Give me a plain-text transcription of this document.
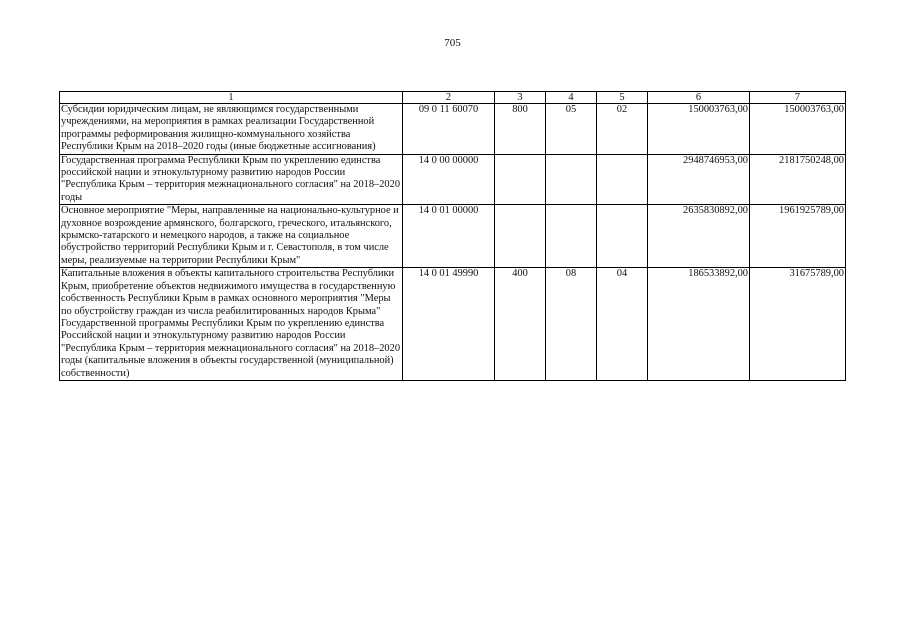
705
1	2	3	4	5	6	7
Субсидии юридическим лицам, не являющимся государственными учреждениями, на мероприятия в рамках реализации Государственной программы реформирования жилищно-коммунального хозяйства Республики Крым на 2018–2020 годы (иные бюджетные ассигнования)	09 0 11 60070	800	05	02	150003763,00	150003763,00
Государственная программа Республики Крым по укреплению единства российской нации и этнокультурному развитию народов России "Республика Крым – территория межнационального согласия" на 2018–2020 годы	14 0 00 00000				2948746953,00	2181750248,00
Основное мероприятие "Меры, направленные на национально-культурное и духовное возрождение армянского, болгарского, греческого, итальянского, крымско-татарского и немецкого народов, а также на социальное обустройство территорий Республики Крым и г. Севастополя, в том числе меры, реализуемые на территории Республики Крым"	14 0 01 00000				2635830892,00	1961925789,00
Капитальные вложения в объекты капитального строительства Республики Крым, приобретение объектов недвижимого имущества в государственную собственность Республики Крым в рамках основного мероприятия "Меры по обустройству граждан из числа реабилитированных народов Крыма" Государственной программы Республики Крым по укреплению единства Российской нации и этнокультурному развитию народов России "Республика Крым – территория межнационального согласия" на 2018–2020 годы (капитальные вложения в объекты государственной (муниципальной) собственности)	14 0 01 49990	400	08	04	186533892,00	31675789,00
